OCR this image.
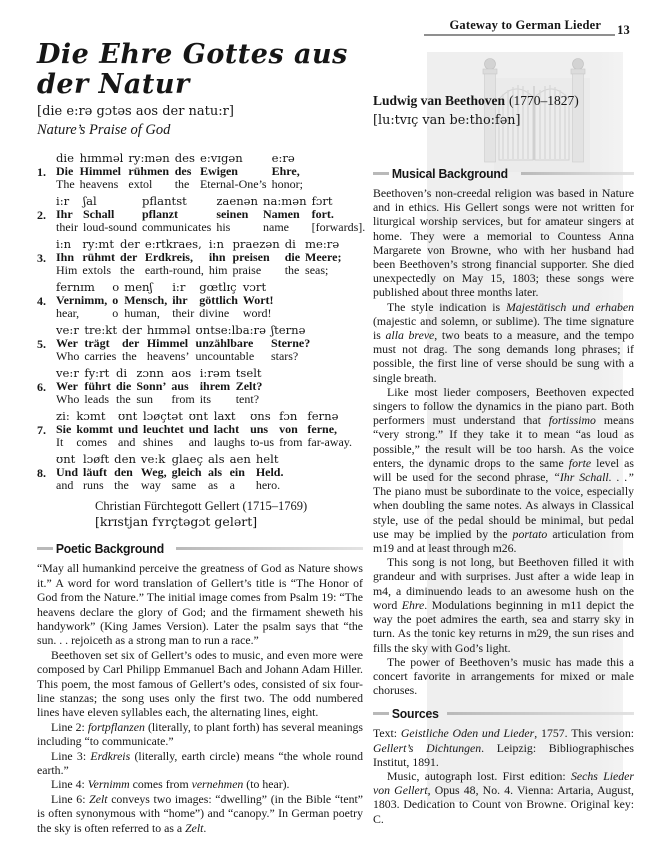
Gateway to German Lieder 13
Die Ehre Gottes aus der Natur
[die e:rə gɔtəs aos der natu:r]
Nature’s Praise of God
1.
die
Die
The
hɪmməl
Himmel
heavens
ry:mən
rühmen
extol
des
des
the
e:vɪgən
Ewigen
Eternal-One’s
e:rə
Ehre,
honor;
2.
i:r
Ihr
their
ʃal
Schall
loud-sound
pflantst
pflanzt
communicates
zaenən
seinen
his
na:mən
Namen
name
fɔrt
fort.
[forwards].
3.
i:n
Ihn
Him
ry:mt
rühmt
extols
der
der
the
e:rtkraes,
Erdkreis,
earth-round,
i:n
ihn
him
praezən
preisen
praise
di
die
the
me:rə
Meere;
seas;
4.
fernɪm
Vernimm,
hear,
o
o
o
menʃ
Mensch,
human,
i:r
ihr
their
gœtlɪç
göttlich
divine
vɔrt
Wort!
word!
5.
ve:r
Wer
Who
tre:kt
trägt
carries
der
der
the
hɪmməl
Himmel
heavens’
ʊntse:lba:rə
unzählbare
uncountable
ʃternə
Sterne?
stars?
6.
ve:r
Wer
Who
fy:rt
führt
leads
di
die
the
zɔnn
Sonn’
sun
aos
aus
from
i:rəm
ihrem
its
tselt
Zelt?
tent?
7.
zi:
Sie
It
kɔmt
kommt
comes
ʊnt
und
and
lɔøçtət
leuchtet
shines
ʊnt
und
and
laxt
lacht
laughs
ʊns
uns
to-us
fɔn
von
from
fernə
ferne,
far-away.
8.
ʊnt
Und
and
lɔøft
läuft
runs
den
den
the
ve:k
Weg,
way
glaeç
gleich
same
als
als
as
aen
ein
a
helt
Held.
hero.
Christian Fürchtegott Gellert (1715–1769)
[krɪstjan fʏrçtəgɔt gelərt]
Poetic Background

“May all humankind perceive the greatness of God as Nature shows it.” A word for word translation of Gellert’s title is “The Honor of God from the Nature.” The initial image comes from Psalm 19: “The heavens declare the glory of God; and the firmament sheweth his handywork” (King James Version). Later the psalm says that “the sun. . . rejoiceth as a strong man to run a race.”

Beethoven set six of Gellert’s odes to music, and even more were composed by Carl Philipp Emmanuel Bach and Johann Adam Hiller. This poem, the most famous of Gellert’s odes, consisted of six four-line stanzas; the song uses only the first two. The odd numbered lines have eleven syllables each, the alternating lines, eight.

Line 2: fortpflanzen (literally, to plant forth) has several meanings including “to communicate.”

Line 3: Erdkreis (literally, earth circle) means “the whole round earth.”

Line 4: Vernimm comes from vernehmen (to hear).

Line 6: Zelt conveys two images: “dwelling” (in the Bible “tent” is often synonymous with “home”) and “canopy.” In German poetry the sky is often referred to as a Zelt.

Ludwig van Beethoven (1770–1827)
[lu:tvɪç van be:tho:fən]
Musical Background

Beethoven’s non-creedal religion was based in Nature and in ethics. His Gellert songs were not written for liturgical worship services, but for amateur singers at home. They were a memorial to Countess Anna Margarete von Browne, who with her husband had been Beethoven’s strong financial supporter. She died unexpectedly on May 15, 1803; these songs were published about three months later.

The style indication is Majestätisch und erhaben (majestic and solemn, or sublime). The time signature is alla breve, two beats to a measure, and the tempo must not drag. The song demands long phrases; if possible, the first line of verse should be sung with a single breath.

Like most lieder composers, Beethoven expected singers to follow the dynamics in the piano part. Both performers must understand that fortissimo means “very strong.” If they take it to mean “as loud as possible,” the result will be too harsh. As the voice enters, the dynamic drops to the same forte level as will be used for the second phrase, “Ihr Schall. . .” The piano must be subordinate to the voice, especially when doubling the same notes. As always in Classical style, use of the pedal should be minimal, but pedal use may be implied by the portato articulation from m19 and at least through m26.

This song is not long, but Beethoven filled it with grandeur and with surprises. Just after a wide leap in m4, a diminuendo leads to an awesome hush on the word Ehre. Modulations beginning in m11 depict the way the poet admires the earth, sea and starry sky in turn. As the tonic key returns in m29, the sun rises and fills the sky with God’s light.

The power of Beethoven’s music has made this a concert favorite in arrangements for mixed or male choruses.

Sources

Text: Geistliche Oden und Lieder, 1757. This version: Gellert’s Dichtungen. Leipzig: Bibliographisches Institut, 1891.

Music, autograph lost. First edition: Sechs Lieder von Gellert, Opus 48, No. 4. Vienna: Artaria, August, 1803. Dedication to Count von Browne. Original key: C.
